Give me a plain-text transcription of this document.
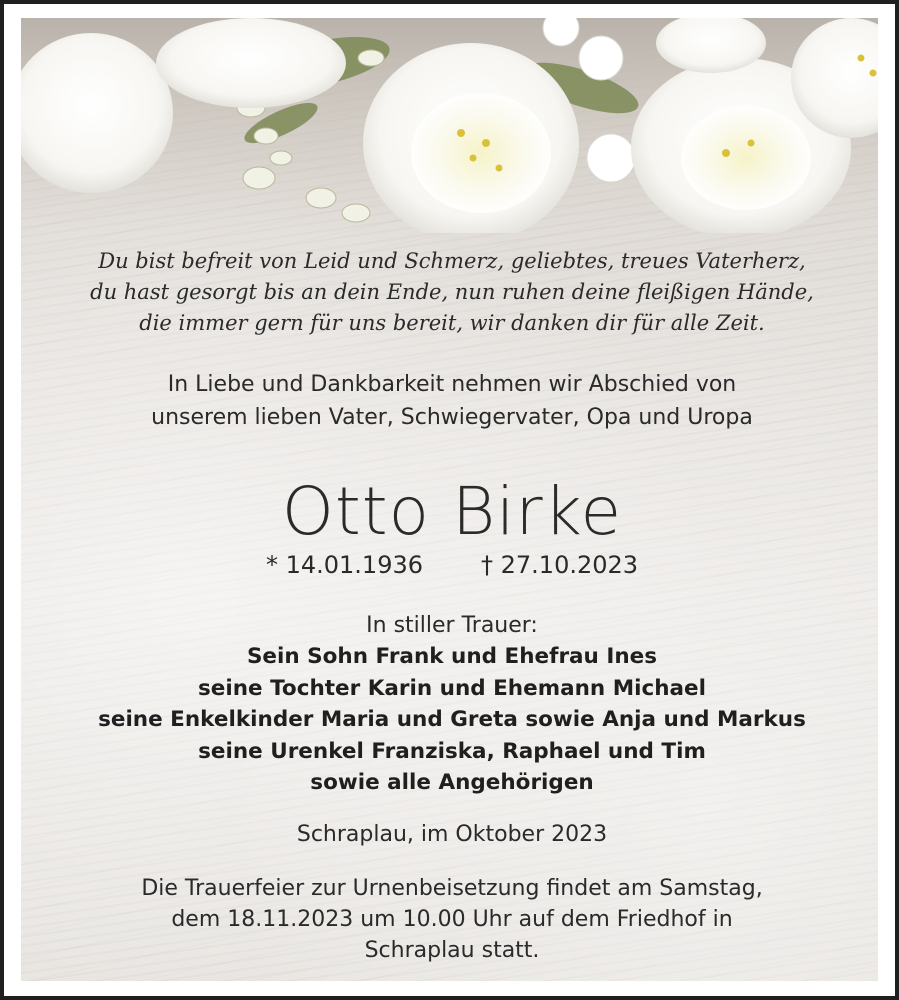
Du bist befreit von Leid und Schmerz, geliebtes, treues Vaterherz,
du hast gesorgt bis an dein Ende, nun ruhen deine fleißigen Hände,
die immer gern für uns bereit, wir danken dir für alle Zeit.
In Liebe und Dankbarkeit nehmen wir Abschied von
unserem lieben Vater, Schwiegervater, Opa und Uropa
Otto Birke
* 14.01.1936 † 27.10.2023
In stiller Trauer:
Sein Sohn Frank und Ehefrau Ines
seine Tochter Karin und Ehemann Michael
seine Enkelkinder Maria und Greta sowie Anja und Markus
seine Urenkel Franziska, Raphael und Tim
sowie alle Angehörigen
Schraplau, im Oktober 2023
Die Trauerfeier zur Urnenbeisetzung findet am Samstag,
dem 18.11.2023 um 10.00 Uhr auf dem Friedhof in
Schraplau statt.
